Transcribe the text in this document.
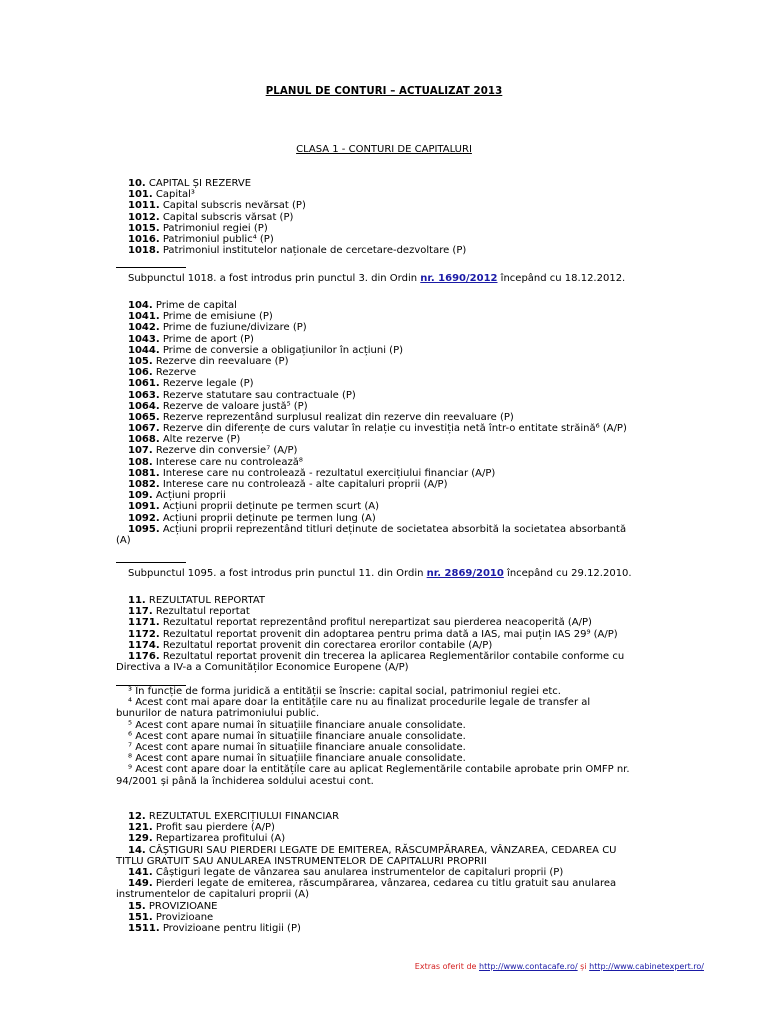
PLANUL DE CONTURI – ACTUALIZAT 2013
CLASA 1 - CONTURI DE CAPITALURI
10. CAPITAL ȘI REZERVE
101. Capital³
1011. Capital subscris nevărsat (P)
1012. Capital subscris vărsat (P)
1015. Patrimoniul regiei (P)
1016. Patrimoniul public⁴ (P)
1018. Patrimoniul institutelor naționale de cercetare-dezvoltare (P)
104. Prime de capital
1041. Prime de emisiune (P)
1042. Prime de fuziune/divizare (P)
1043. Prime de aport (P)
1044. Prime de conversie a obligațiunilor în acțiuni (P)
105. Rezerve din reevaluare (P)
106. Rezerve
1061. Rezerve legale (P)
1063. Rezerve statutare sau contractuale (P)
1064. Rezerve de valoare justă⁵ (P)
1065. Rezerve reprezentând surplusul realizat din rezerve din reevaluare (P)
1067. Rezerve din diferențe de curs valutar în relație cu investiția netă într-o entitate străină⁶ (A/P)
1068. Alte rezerve (P)
107. Rezerve din conversie⁷ (A/P)
108. Interese care nu controlează⁸
1081. Interese care nu controlează - rezultatul exercițiului financiar (A/P)
1082. Interese care nu controlează - alte capitaluri proprii (A/P)
109. Acțiuni proprii
1091. Acțiuni proprii deținute pe termen scurt (A)
1092. Acțiuni proprii deținute pe termen lung (A)
1095. Acțiuni proprii reprezentând titluri deținute de societatea absorbită la societatea absorbantă
(A)
11. REZULTATUL REPORTAT
117. Rezultatul reportat
1171. Rezultatul reportat reprezentând profitul nerepartizat sau pierderea neacoperită (A/P)
1172. Rezultatul reportat provenit din adoptarea pentru prima dată a IAS, mai puțin IAS 29⁹ (A/P)
1174. Rezultatul reportat provenit din corectarea erorilor contabile (A/P)
1176. Rezultatul reportat provenit din trecerea la aplicarea Reglementărilor contabile conforme cu
Directiva a IV-a a Comunităților Economice Europene (A/P)
³ În funcție de forma juridică a entității se înscrie: capital social, patrimoniul regiei etc.
⁴ Acest cont mai apare doar la entitățile care nu au finalizat procedurile legale de transfer al
bunurilor de natura patrimoniului public.
⁵ Acest cont apare numai în situațiile financiare anuale consolidate.
⁶ Acest cont apare numai în situațiile financiare anuale consolidate.
⁷ Acest cont apare numai în situațiile financiare anuale consolidate.
⁸ Acest cont apare numai în situațiile financiare anuale consolidate.
⁹ Acest cont apare doar la entitățile care au aplicat Reglementările contabile aprobate prin OMFP nr.
94/2001 și până la închiderea soldului acestui cont.
12. REZULTATUL EXERCIȚIULUI FINANCIAR
121. Profit sau pierdere (A/P)
129. Repartizarea profitului (A)
14. CÂȘTIGURI SAU PIERDERI LEGATE DE EMITEREA, RĂSCUMPĂRAREA, VÂNZAREA, CEDAREA CU
TITLU GRATUIT SAU ANULAREA INSTRUMENTELOR DE CAPITALURI PROPRII
141. Câștiguri legate de vânzarea sau anularea instrumentelor de capitaluri proprii (P)
149. Pierderi legate de emiterea, răscumpărarea, vânzarea, cedarea cu titlu gratuit sau anularea
instrumentelor de capitaluri proprii (A)
15. PROVIZIOANE
151. Provizioane
1511. Provizioane pentru litigii (P)
Subpunctul 1018. a fost introdus prin punctul 3. din Ordin nr. 1690/2012 începând cu 18.12.2012.
Subpunctul 1095. a fost introdus prin punctul 11. din Ordin nr. 2869/2010 începând cu 29.12.2010.
Extras oferit de http://www.contacafe.ro/ și http://www.cabinetexpert.ro/
